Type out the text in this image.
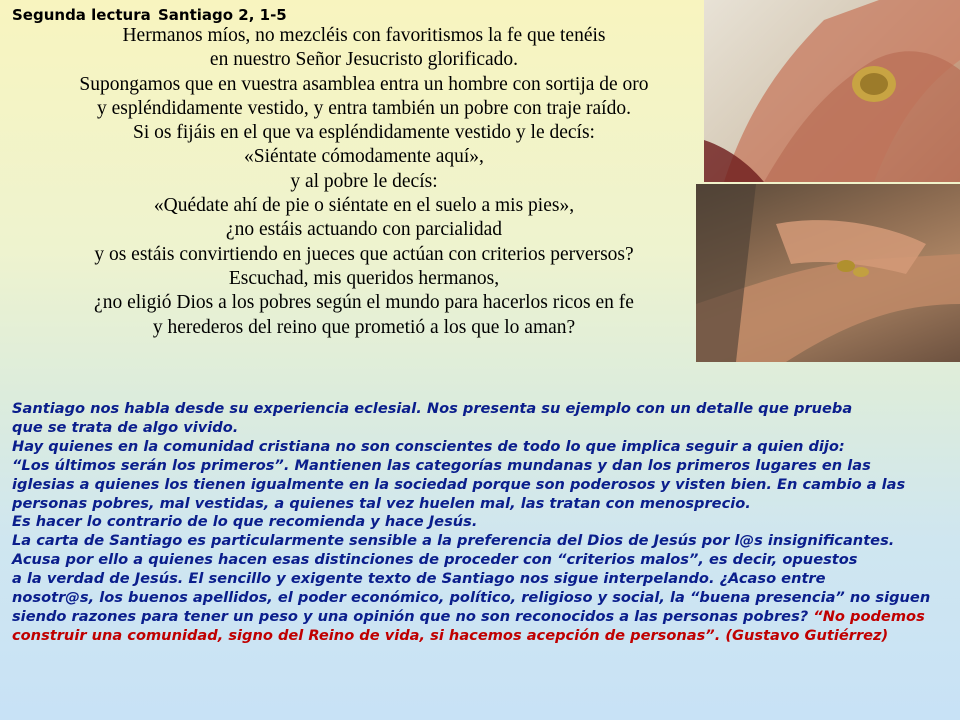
Segunda lectura Santiago 2, 1-5
Hermanos míos, no mezcléis con favoritismos la fe que tenéis
en nuestro Señor Jesucristo glorificado.
Supongamos que en vuestra asamblea entra un hombre con sortija de oro
y espléndidamente vestido, y entra también un pobre con traje raído.
Si os fijáis en el que va espléndidamente vestido y le decís:
«Siéntate cómodamente aquí»,
y al pobre le decís:
«Quédate ahí de pie o siéntate en el suelo a mis pies»,
¿no estáis actuando con parcialidad
y os estáis convirtiendo en jueces que actúan con criterios perversos?
Escuchad, mis queridos hermanos,
¿no eligió Dios a los pobres según el mundo para hacerlos ricos en fe
y herederos del reino que prometió a los que lo aman?
Santiago nos habla desde su experiencia eclesial. Nos presenta su ejemplo con un detalle que prueba
que se trata de algo vivido.
Hay quienes en la comunidad cristiana no son conscientes de todo lo que implica seguir a quien dijo:
“Los últimos serán los primeros”. Mantienen las categorías mundanas y dan los primeros lugares en las
iglesias a quienes los tienen igualmente en la sociedad porque son poderosos y visten bien. En cambio a las
personas pobres, mal vestidas, a quienes tal vez huelen mal, las tratan con menosprecio.
Es hacer lo contrario de lo que recomienda y hace Jesús.
La carta de Santiago es particularmente sensible a la preferencia del Dios de Jesús por l@s insignificantes.
Acusa por ello a quienes hacen esas distinciones de proceder con “criterios malos”, es decir, opuestos
a la verdad de Jesús. El sencillo y exigente texto de Santiago nos sigue interpelando. ¿Acaso entre
nosotr@s, los buenos apellidos, el poder económico, político, religioso y social, la “buena presencia” no siguen
siendo razones para tener un peso y una opinión que no son reconocidos a las personas pobres? “No podemos
construir una comunidad, signo del Reino de vida, si hacemos acepción de personas”. (Gustavo Gutiérrez)
